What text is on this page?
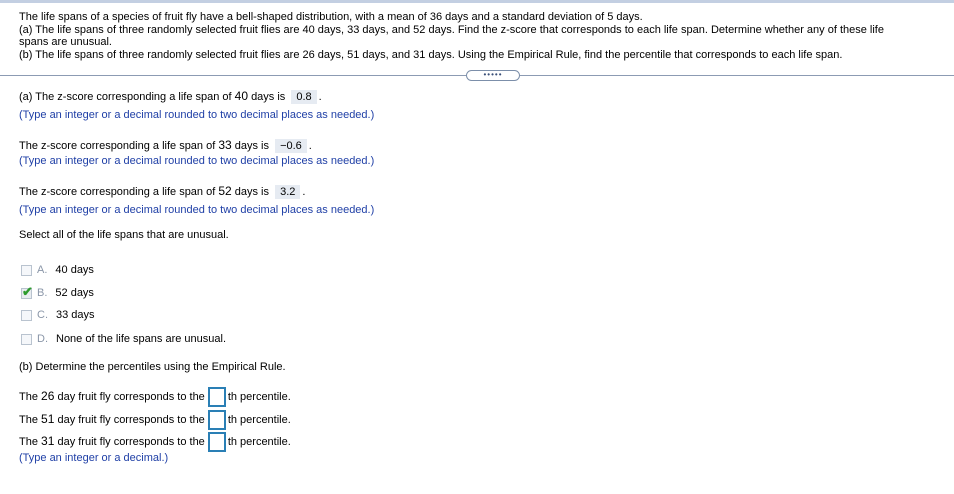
The life spans of a species of fruit fly have a bell-shaped distribution, with a mean of 36 days and a standard deviation of 5 days.
(a) The life spans of three randomly selected fruit flies are 40 days, 33 days, and 52 days. Find the z-score that corresponds to each life span. Determine whether any of these life
spans are unusual.
(b) The life spans of three randomly selected fruit flies are 26 days, 51 days, and 31 days. Using the Empirical Rule, find the percentile that corresponds to each life span.
•••••
(a) The z-score corresponding a life span of 40 days is 0.8 .
(Type an integer or a decimal rounded to two decimal places as needed.)
The z-score corresponding a life span of 33 days is −0.6 .
(Type an integer or a decimal rounded to two decimal places as needed.)
The z-score corresponding a life span of 52 days is 3.2 .
(Type an integer or a decimal rounded to two decimal places as needed.)
Select all of the life spans that are unusual.
A. 40 days
✔ B. 52 days
C. 33 days
D. None of the life spans are unusual.
(b) Determine the percentiles using the Empirical Rule.
The 26 day fruit fly corresponds to the th percentile.
The 51 day fruit fly corresponds to the th percentile.
The 31 day fruit fly corresponds to the th percentile.
(Type an integer or a decimal.)
